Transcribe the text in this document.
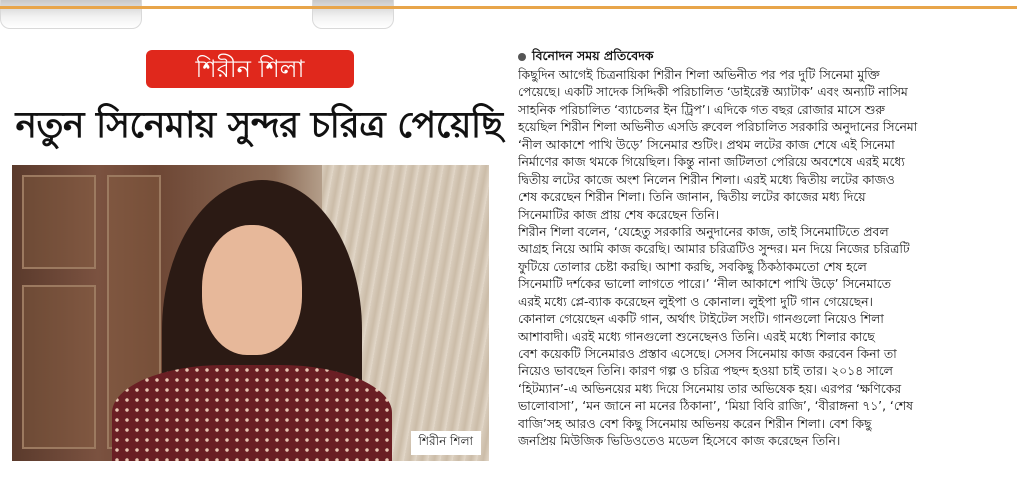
শিরীন শিলা
নতুন সিনেমায় সুন্দর চরিত্র পেয়েছি
শিরীন শিলা
বিনোদন সময় প্রতিবেদক
কিছুদিন আগেই চিত্রনায়িকা শিরীন শিলা অভিনীত পর পর দুটি সিনেমা মুক্তি
পেয়েছে। একটি সাদেক সিদ্দিকী পরিচালিত ‘ডাইরেক্ট অ্যাটাক’ এবং অন্যটি নাসিম
সাহনিক পরিচালিত ‘ব্যাচেলর ইন ট্রিপ’। এদিকে গত বছর রোজার মাসে শুরু
হয়েছিল শিরীন শিলা অভিনীত এসডি রুবেল পরিচালিত সরকারি অনুদানের সিনেমা
‘নীল আকাশে পাখি উড়ে’ সিনেমার শুটিং। প্রথম লটের কাজ শেষে এই সিনেমা
নির্মাণের কাজ থমকে গিয়েছিল। কিন্তু নানা জটিলতা পেরিয়ে অবশেষে এরই মধ্যে
দ্বিতীয় লটের কাজে অংশ নিলেন শিরীন শিলা। এরই মধ্যে দ্বিতীয় লটের কাজও
শেষ করেছেন শিরীন শিলা। তিনি জানান, দ্বিতীয় লটের কাজের মধ্য দিয়ে
সিনেমাটির কাজ প্রায় শেষ করেছেন তিনি।
শিরীন শিলা বলেন, ‘যেহেতু সরকারি অনুদানের কাজ, তাই সিনেমাটিতে প্রবল
আগ্রহ নিয়ে আমি কাজ করেছি। আমার চরিত্রটিও সুন্দর। মন দিয়ে নিজের চরিত্রটি
ফুটিয়ে তোলার চেষ্টা করছি। আশা করছি, সবকিছু ঠিকঠাকমতো শেষ হলে
সিনেমাটি দর্শকের ভালো লাগতে পারে।’ ‘নীল আকাশে পাখি উড়ে’ সিনেমাতে
এরই মধ্যে প্লে-ব্যাক করেছেন লুইপা ও কোনাল। লুইপা দুটি গান গেয়েছেন।
কোনাল গেয়েছেন একটি গান, অর্থাৎ টাইটেল সংটি। গানগুলো নিয়েও শিলা
আশাবাদী। এরই মধ্যে গানগুলো শুনেছেনও তিনি। এরই মধ্যে শিলার কাছে
বেশ কয়েকটি সিনেমারও প্রস্তাব এসেছে। সেসব সিনেমায় কাজ করবেন কিনা তা
নিয়েও ভাবছেন তিনি। কারণ গল্প ও চরিত্র পছন্দ হওয়া চাই তার। ২০১৪ সালে
‘হিটম্যান’-এ অভিনয়ের মধ্য দিয়ে সিনেমায় তার অভিষেক হয়। এরপর ‘ক্ষণিকের
ভালোবাসা’, ‘মন জানে না মনের ঠিকানা’, ‘মিয়া বিবি রাজি’, ‘বীরাঙ্গনা ৭১’, ‘শেষ
বাজি’সহ আরও বেশ কিছু সিনেমায় অভিনয় করেন শিরীন শিলা। বেশ কিছু
জনপ্রিয় মিউজিক ভিডিওতেও মডেল হিসেবে কাজ করেছেন তিনি।
